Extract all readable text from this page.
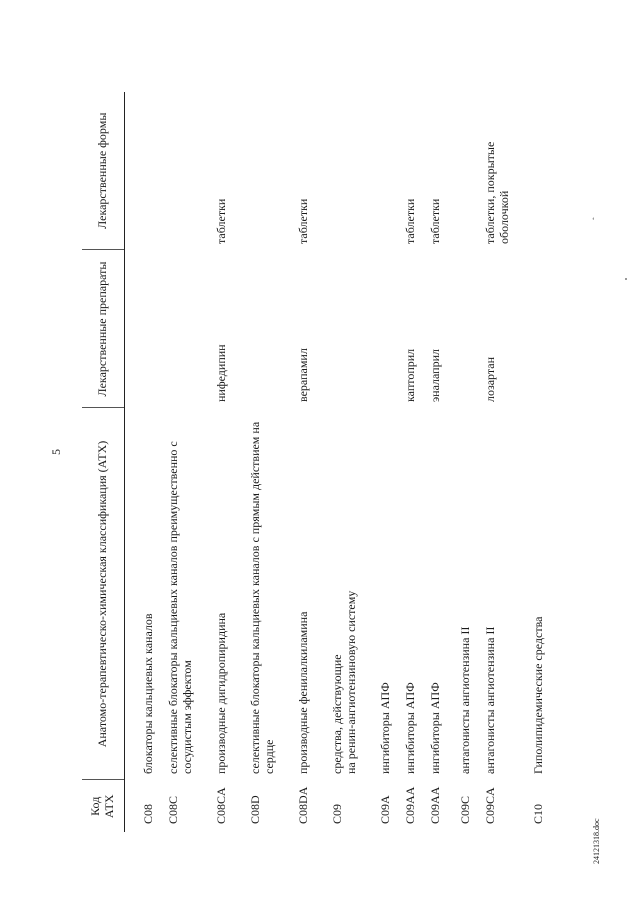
5
Код АТХ	Анатомо-терапевтическо-химическая классификация (АТХ)	Лекарственные препараты	Лекарственные формы

C08	блокаторы кальциевых каналов		
C08C	селективные блокаторы кальциевых каналов преимущественно с сосудистым эффектом		
C08CA	производные дигидропиридина	нифедипин	таблетки
C08D	селективные блокаторы кальциевых каналов с прямым действием на сердце		
C08DA	производные фенилалкиламина	верапамил	таблетки
C09	средства, действующие
на ренин-ангиотензиновую систему		
C09A	ингибиторы АПФ		
C09AA	ингибиторы АПФ	каптоприл	таблетки
C09AA	ингибиторы АПФ	эналаприл	таблетки
C09C	антагонисты ангиотензина II		
C09CA	антагонисты ангиотензина II	лозартан	таблетки, покрытые оболочкой
C10	Гиполипидемические средства		
ʻ
24121318.doc
